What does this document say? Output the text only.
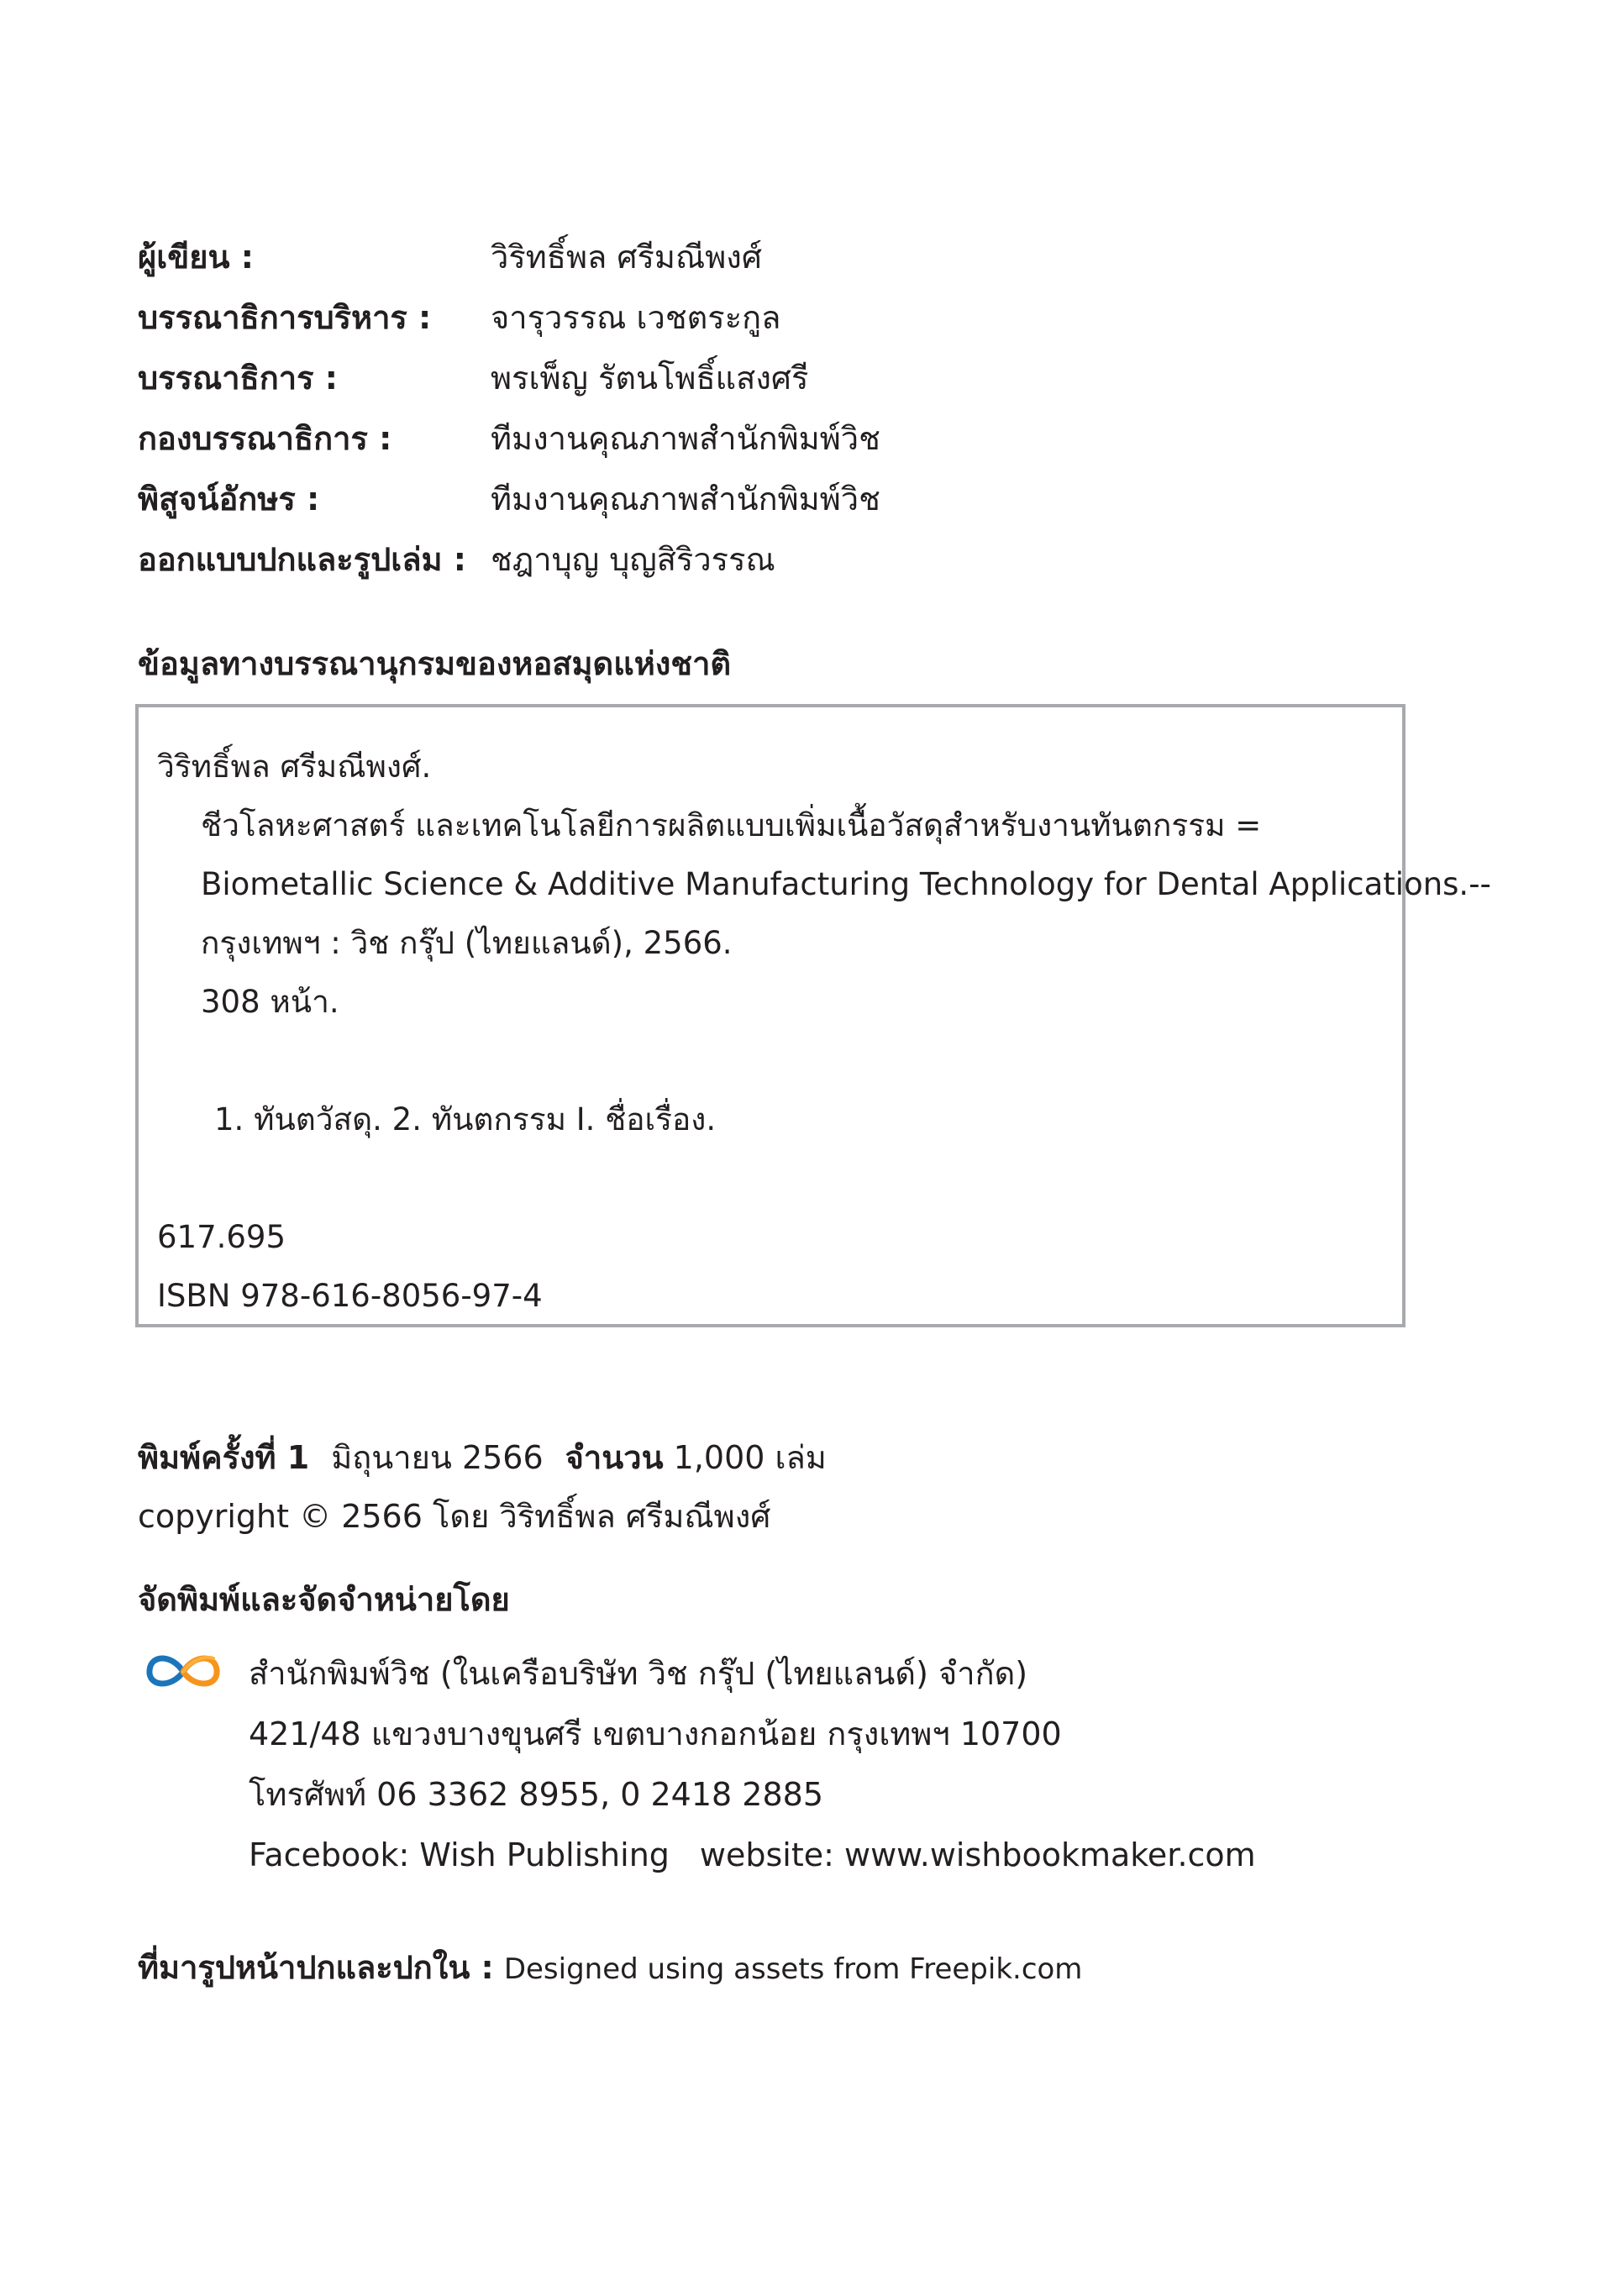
ผู้เขียน :	วิริทธิ์พล ศรีมณีพงศ์
บรรณาธิการบริหาร : จารุวรรณ เวชตระกูล
บรรณาธิการ :	พรเพ็ญ รัตนโพธิ์แสงศรี
กองบรรณาธิการ :	ทีมงานคุณภาพสำนักพิมพ์วิช
พิสูจน์อักษร :	ทีมงานคุณภาพสำนักพิมพ์วิช
ออกแบบปกและรูปเล่ม : ชฎาบุญ บุญสิริวรรณ
ข้อมูลทางบรรณานุกรมของหอสมุดแห่งชาติ
วิริทธิ์พล ศรีมณีพงศ์.
ชีวโลหะศาสตร์ และเทคโนโลยีการผลิตแบบเพิ่มเนื้อวัสดุสำหรับงานทันตกรรม =
Biometallic Science & Additive Manufacturing Technology for Dental Applications.--
กรุงเทพฯ : วิช กรุ๊ป (ไทยแลนด์), 2566.
308 หน้า.
1. ทันตวัสดุ. 2. ทันตกรรม I. ชื่อเรื่อง.
617.695
ISBN 978-616-8056-97-4
พิมพ์ครั้งที่ 1 มิถุนายน 2566 จำนวน 1,000 เล่ม
copyright © 2566 โดย วิริทธิ์พล ศรีมณีพงศ์
จัดพิมพ์และจัดจำหน่ายโดย
สำนักพิมพ์วิช (ในเครือบริษัท วิช กรุ๊ป (ไทยแลนด์) จำกัด)
421/48 แขวงบางขุนศรี เขตบางกอกน้อย กรุงเทพฯ 10700
โทรศัพท์ 06 3362 8955, 0 2418 2885
Facebook: Wish Publishing website: www.wishbookmaker.com
ที่มารูปหน้าปกและปกใน : Designed using assets from Freepik.com
